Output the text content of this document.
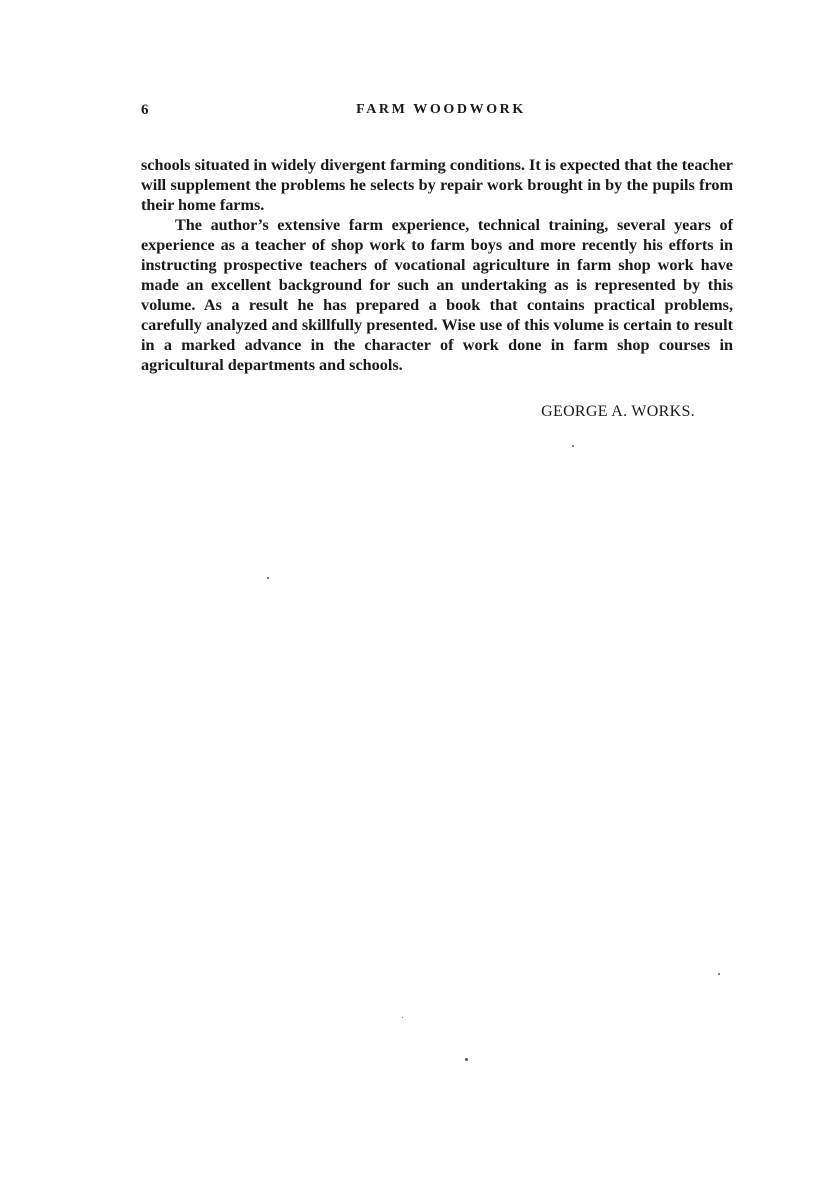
6	FARM WOODWORK

schools situated in widely divergent farming conditions. It is expected that the teacher will supplement the problems he selects by repair work brought in by the pupils from their home farms.

The author’s extensive farm experience, technical training, several years of experience as a teacher of shop work to farm boys and more recently his efforts in instructing prospective teachers of vocational agriculture in farm shop work have made an excellent background for such an undertaking as is represented by this volume. As a result he has prepared a book that contains practical problems, carefully analyzed and skillfully presented. Wise use of this volume is certain to result in a marked advance in the character of work done in farm shop courses in agricultural departments and schools.

GEORGE A. WORKS.
